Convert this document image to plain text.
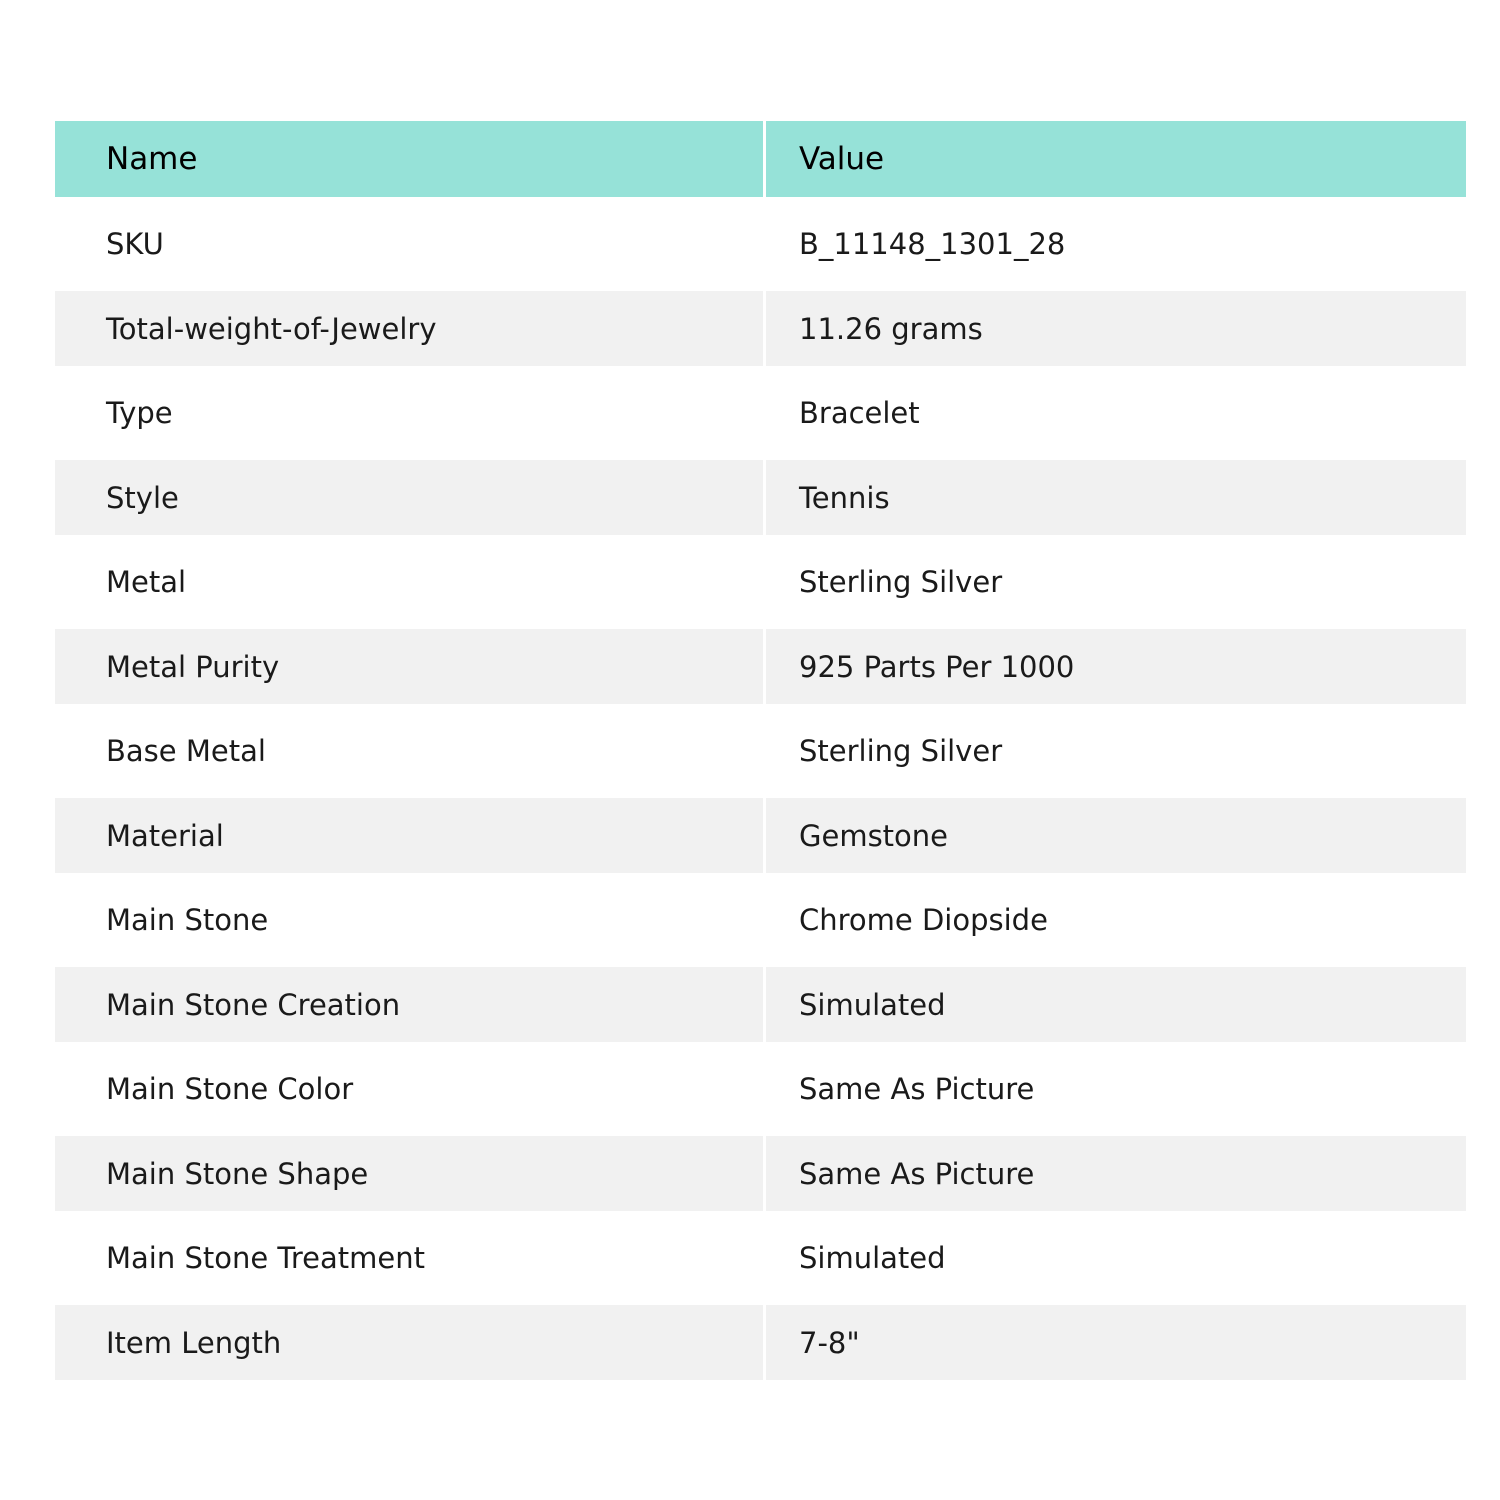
Name	Value
SKU	B_11148_1301_28
Total-weight-of-Jewelry	11.26 grams
Type	Bracelet
Style	Tennis
Metal	Sterling Silver
Metal Purity	925 Parts Per 1000
Base Metal	Sterling Silver
Material	Gemstone
Main Stone	Chrome Diopside
Main Stone Creation	Simulated
Main Stone Color	Same As Picture
Main Stone Shape	Same As Picture
Main Stone Treatment	Simulated
Item Length	7-8"
